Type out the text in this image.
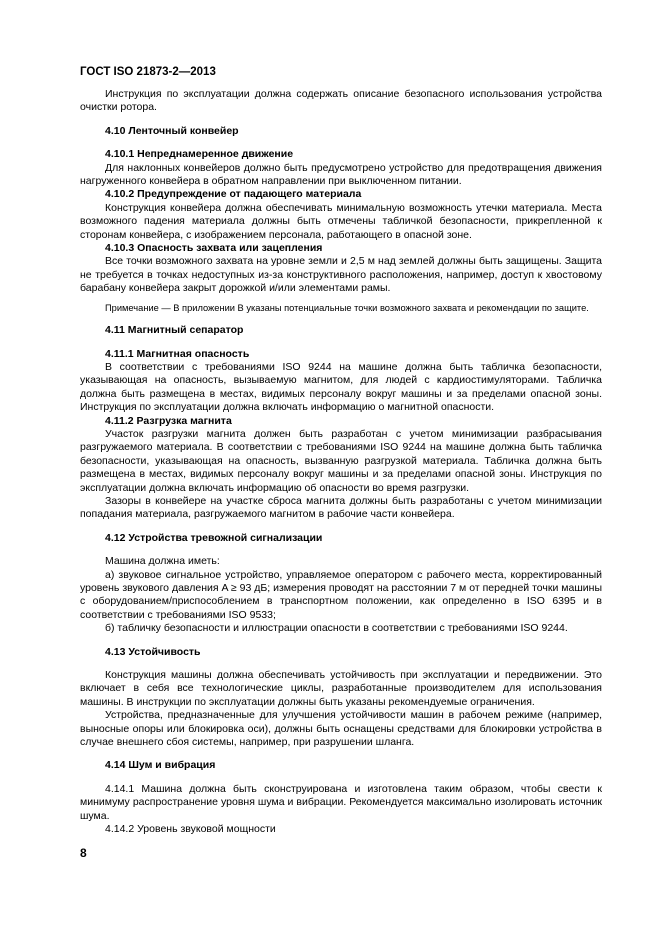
ГОСТ ISO 21873-2—2013

Инструкция по эксплуатации должна содержать описание безопасного использования устройства очистки ротора.

4.10 Ленточный конвейер
4.10.1 Непреднамеренное движение

Для наклонных конвейеров должно быть предусмотрено устройство для предотвращения движения нагруженного конвейера в обратном направлении при выключенном питании.

4.10.2 Предупреждение от падающего материала

Конструкция конвейера должна обеспечивать минимальную возможность утечки материала. Места возможного падения материала должны быть отмечены табличкой безопасности, прикрепленной к сторонам конвейера, с изображением персонала, работающего в опасной зоне.

4.10.3 Опасность захвата или зацепления

Все точки возможного захвата на уровне земли и 2,5 м над землей должны быть защищены. Защита не требуется в точках недоступных из-за конструктивного расположения, например, доступ к хвостовому барабану конвейера закрыт дорожкой и/или элементами рамы.

Примечание — В приложении В указаны потенциальные точки возможного захвата и рекомендации по защите.

4.11 Магнитный сепаратор
4.11.1 Магнитная опасность

В соответствии с требованиями ISO 9244 на машине должна быть табличка безопасности, указывающая на опасность, вызываемую магнитом, для людей с кардиостимуляторами. Табличка должна быть размещена в местах, видимых персоналу вокруг машины и за пределами опасной зоны. Инструкция по эксплуатации должна включать информацию о магнитной опасности.

4.11.2 Разгрузка магнита

Участок разгрузки магнита должен быть разработан с учетом минимизации разбрасывания разгружаемого материала. В соответствии с требованиями ISO 9244 на машине должна быть табличка безопасности, указывающая на опасность, вызванную разгрузкой материала. Табличка должна быть размещена в местах, видимых персоналу вокруг машины и за пределами опасной зоны. Инструкция по эксплуатации должна включать информацию об опасности во время разгрузки.

Зазоры в конвейере на участке сброса магнита должны быть разработаны с учетом минимизации попадания материала, разгружаемого магнитом в рабочие части конвейера.

4.12 Устройства тревожной сигнализации
Машина должна иметь:

а) звуковое сигнальное устройство, управляемое оператором с рабочего места, корректированный уровень звукового давления A ≥ 93 дБ; измерения проводят на расстоянии 7 м от передней точки машины с оборудованием/приспособлением в транспортном положении, как определенно в ISO 6395 и в соответствии с требованиями ISO 9533;

б) табличку безопасности и иллюстрации опасности в соответствии с требованиями ISO 9244.

4.13 Устойчивость

Конструкция машины должна обеспечивать устойчивость при эксплуатации и передвижении. Это включает в себя все технологические циклы, разработанные производителем для использования машины. В инструкции по эксплуатации должны быть указаны рекомендуемые ограничения.

Устройства, предназначенные для улучшения устойчивости машин в рабочем режиме (например, выносные опоры или блокировка оси), должны быть оснащены средствами для блокировки устройства в случае внешнего сбоя системы, например, при разрушении шланга.

4.14 Шум и вибрация

4.14.1 Машина должна быть сконструирована и изготовлена таким образом, чтобы свести к минимуму распространение уровня шума и вибрации. Рекомендуется максимально изолировать источник шума.

4.14.2 Уровень звуковой мощности
8
